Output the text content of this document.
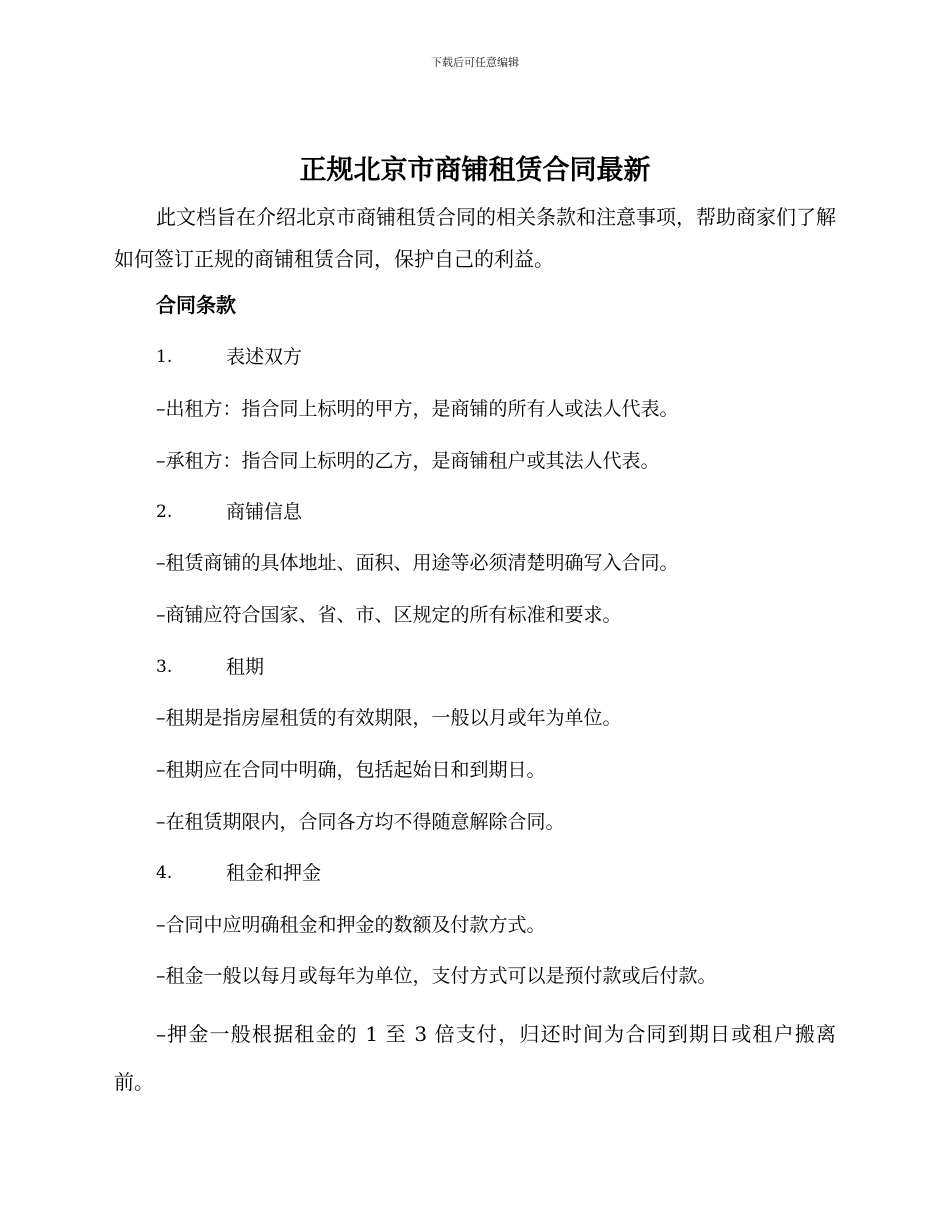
下载后可任意编辑
正规北京市商铺租赁合同最新

此文档旨在介绍北京市商铺租赁合同的相关条款和注意事项，帮助商家们了解如何签订正规的商铺租赁合同，保护自己的利益。

合同条款
1.	表述双方
–出租方：指合同上标明的甲方，是商铺的所有人或法人代表。
–承租方：指合同上标明的乙方，是商铺租户或其法人代表。
2.	商铺信息
–租赁商铺的具体地址、面积、用途等必须清楚明确写入合同。
–商铺应符合国家、省、市、区规定的所有标准和要求。
3.	租期
–租期是指房屋租赁的有效期限，一般以月或年为单位。
–租期应在合同中明确，包括起始日和到期日。
–在租赁期限内，合同各方均不得随意解除合同。
4.	租金和押金
–合同中应明确租金和押金的数额及付款方式。
–租金一般以每月或每年为单位，支付方式可以是预付款或后付款。

–押金一般根据租金的 1 至 3 倍支付，归还时间为合同到期日或租户搬离前。
